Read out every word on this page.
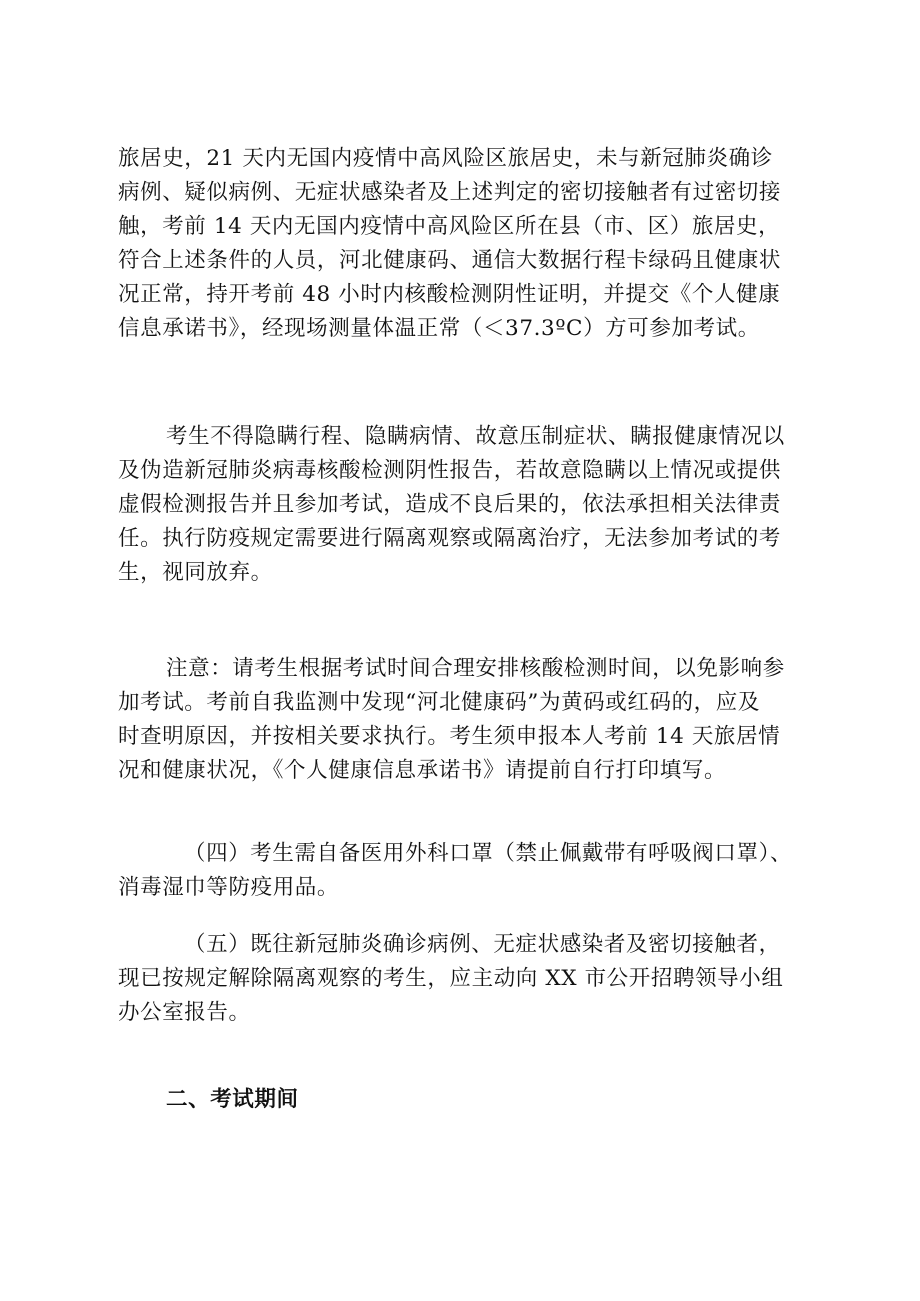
旅居史，21 天内无国内疫情中高风险区旅居史，未与新冠肺炎确诊
病例、疑似病例、无症状感染者及上述判定的密切接触者有过密切接
触，考前 14 天内无国内疫情中高风险区所在县（市、区）旅居史，
符合上述条件的人员，河北健康码、通信大数据行程卡绿码且健康状
况正常，持开考前 48 小时内核酸检测阴性证明，并提交《个人健康
信息承诺书》，经现场测量体温正常（＜37.3ºC）方可参加考试。
考生不得隐瞒行程、隐瞒病情、故意压制症状、瞒报健康情况以
及伪造新冠肺炎病毒核酸检测阴性报告，若故意隐瞒以上情况或提供
虚假检测报告并且参加考试，造成不良后果的，依法承担相关法律责
任。执行防疫规定需要进行隔离观察或隔离治疗，无法参加考试的考
生，视同放弃。
注意：请考生根据考试时间合理安排核酸检测时间，以免影响参
加考试。考前自我监测中发现“河北健康码”为黄码或红码的，应及
时查明原因，并按相关要求执行。考生须申报本人考前 14 天旅居情
况和健康状况，《个人健康信息承诺书》请提前自行打印填写。
（四）考生需自备医用外科口罩（禁止佩戴带有呼吸阀口罩）、
消毒湿巾等防疫用品。
（五）既往新冠肺炎确诊病例、无症状感染者及密切接触者，
现已按规定解除隔离观察的考生，应主动向 XX 市公开招聘领导小组
办公室报告。
二、考试期间
